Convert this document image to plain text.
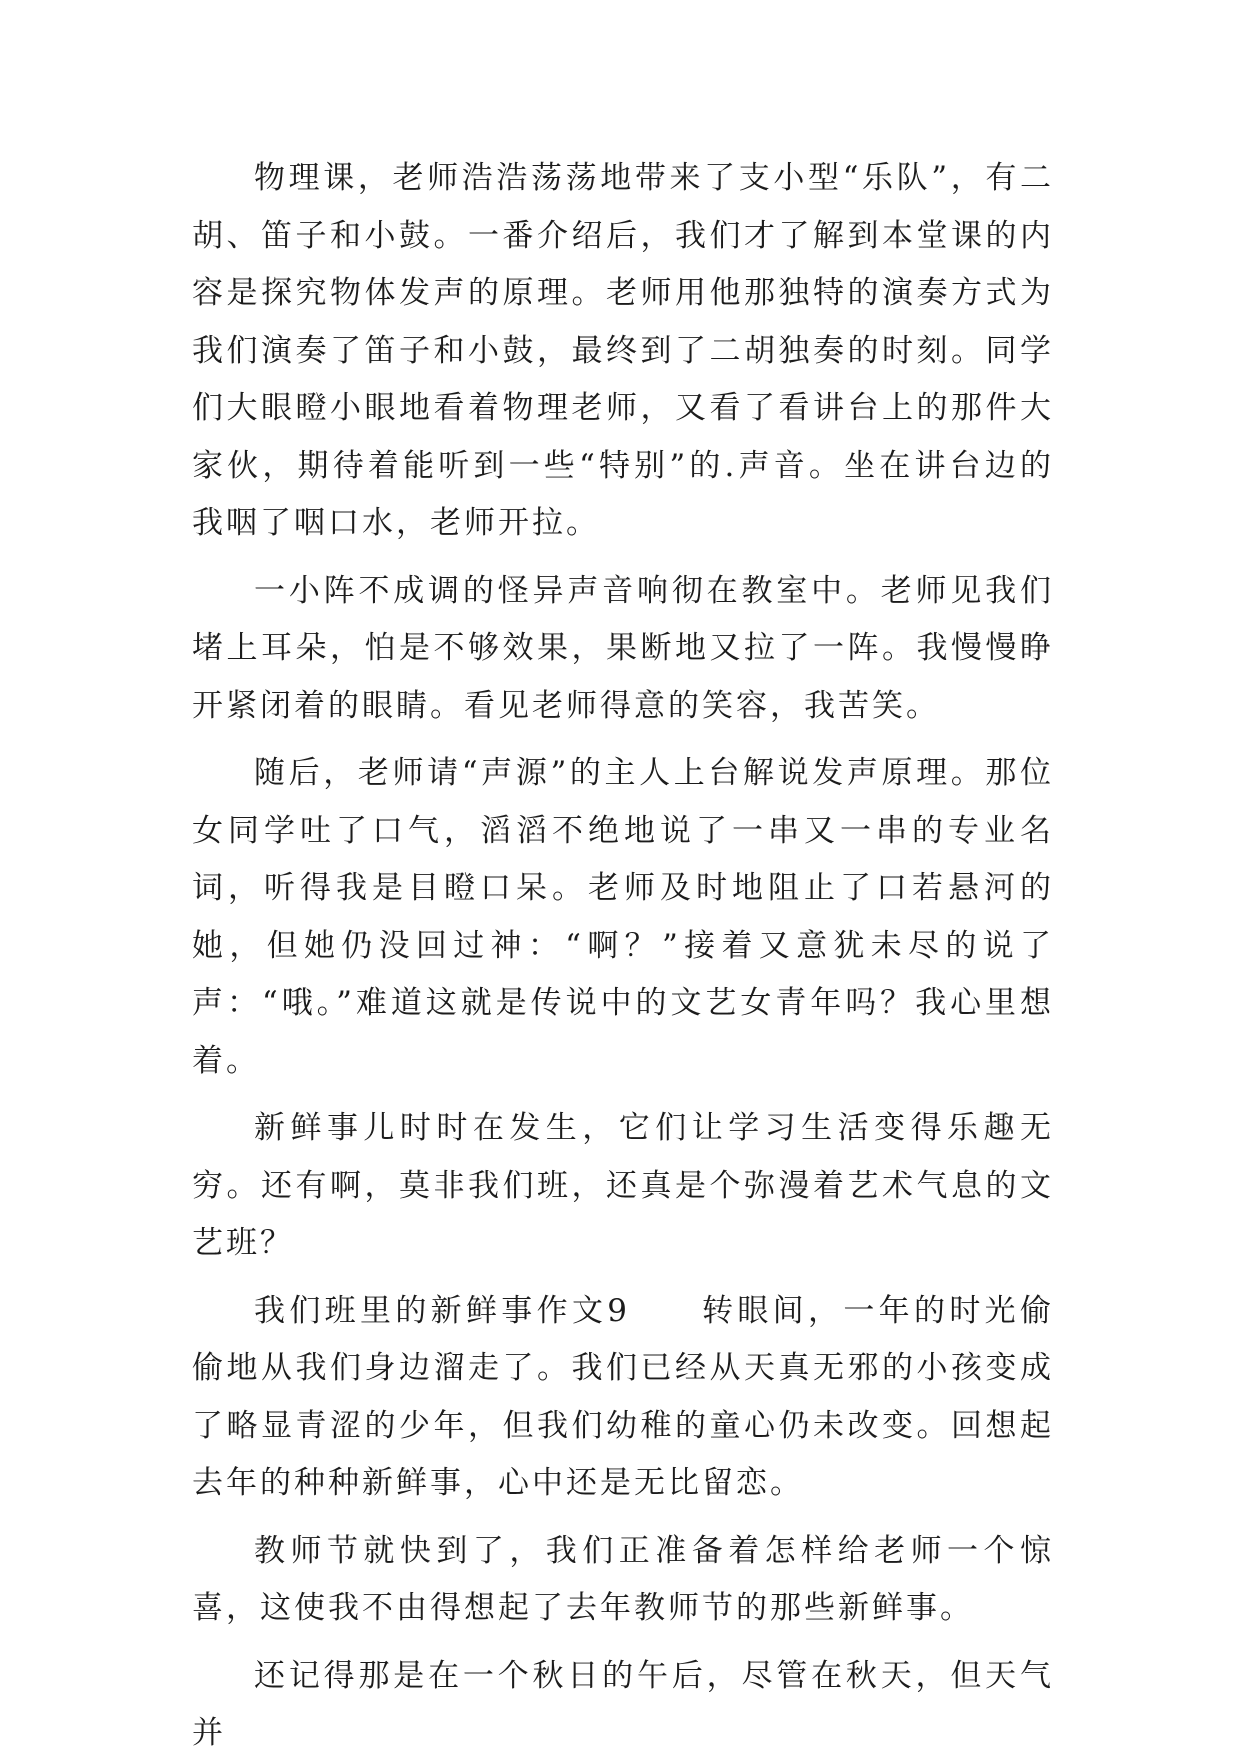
物理课，老师浩浩荡荡地带来了支小型“乐队”，有二胡、笛子和小鼓。一番介绍后，我们才了解到本堂课的内容是探究物体发声的原理。老师用他那独特的演奏方式为我们演奏了笛子和小鼓，最终到了二胡独奏的时刻。同学们大眼瞪小眼地看着物理老师，又看了看讲台上的那件大家伙，期待着能听到一些“特别”的.声音。坐在讲台边的我咽了咽口水，老师开拉。

一小阵不成调的怪异声音响彻在教室中。老师见我们堵上耳朵，怕是不够效果，果断地又拉了一阵。我慢慢睁开紧闭着的眼睛。看见老师得意的笑容，我苦笑。

随后，老师请“声源”的主人上台解说发声原理。那位女同学吐了口气，滔滔不绝地说了一串又一串的专业名词，听得我是目瞪口呆。老师及时地阻止了口若悬河的她，但她仍没回过神：“啊？”接着又意犹未尽的说了声：“哦。”难道这就是传说中的文艺女青年吗？我心里想着。

新鲜事儿时时在发生，它们让学习生活变得乐趣无穷。还有啊，莫非我们班，还真是个弥漫着艺术气息的文艺班？

我们班里的新鲜事作文9　　转眼间，一年的时光偷偷地从我们身边溜走了。我们已经从天真无邪的小孩变成了略显青涩的少年，但我们幼稚的童心仍未改变。回想起去年的种种新鲜事，心中还是无比留恋。

教师节就快到了，我们正准备着怎样给老师一个惊喜，这使我不由得想起了去年教师节的那些新鲜事。

还记得那是在一个秋日的午后，尽管在秋天，但天气并
